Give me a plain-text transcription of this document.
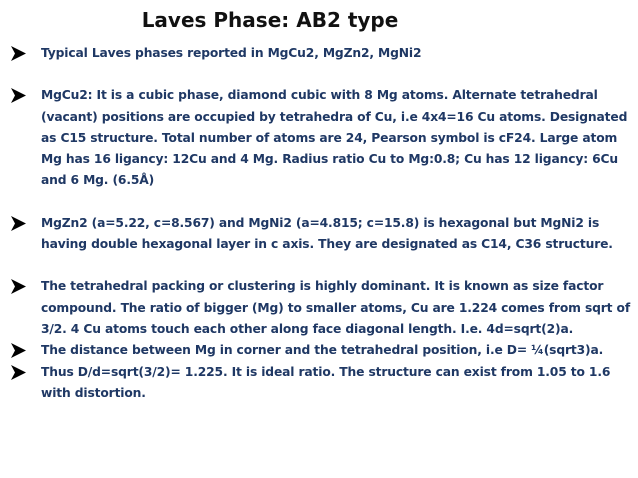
Laves Phase: AB2 type
Typical Laves phases reported in MgCu2, MgZn2, MgNi2
MgCu2: It is a cubic phase, diamond cubic with 8 Mg atoms. Alternate tetrahedral (vacant) positions are occupied by tetrahedra of Cu, i.e 4x4=16 Cu atoms. Designated as C15 structure. Total number of atoms are 24, Pearson symbol is cF24. Large atom Mg has 16 ligancy: 12Cu and 4 Mg. Radius ratio Cu to Mg:0.8; Cu has 12 ligancy: 6Cu and 6 Mg. (6.5Å)
MgZn2 (a=5.22, c=8.567) and MgNi2 (a=4.815; c=15.8) is hexagonal but MgNi2 is having double hexagonal layer in c axis. They are designated as C14, C36 structure.
The tetrahedral packing or clustering is highly dominant. It is known as size factor compound. The ratio of bigger (Mg) to smaller atoms, Cu are 1.224 comes from sqrt of 3/2. 4 Cu atoms touch each other along face diagonal length. I.e. 4d=sqrt(2)a.
The distance between Mg in corner and the tetrahedral position, i.e D= ¼(sqrt3)a.
Thus D/d=sqrt(3/2)= 1.225. It is ideal ratio. The structure can exist from 1.05 to 1.6 with distortion.
